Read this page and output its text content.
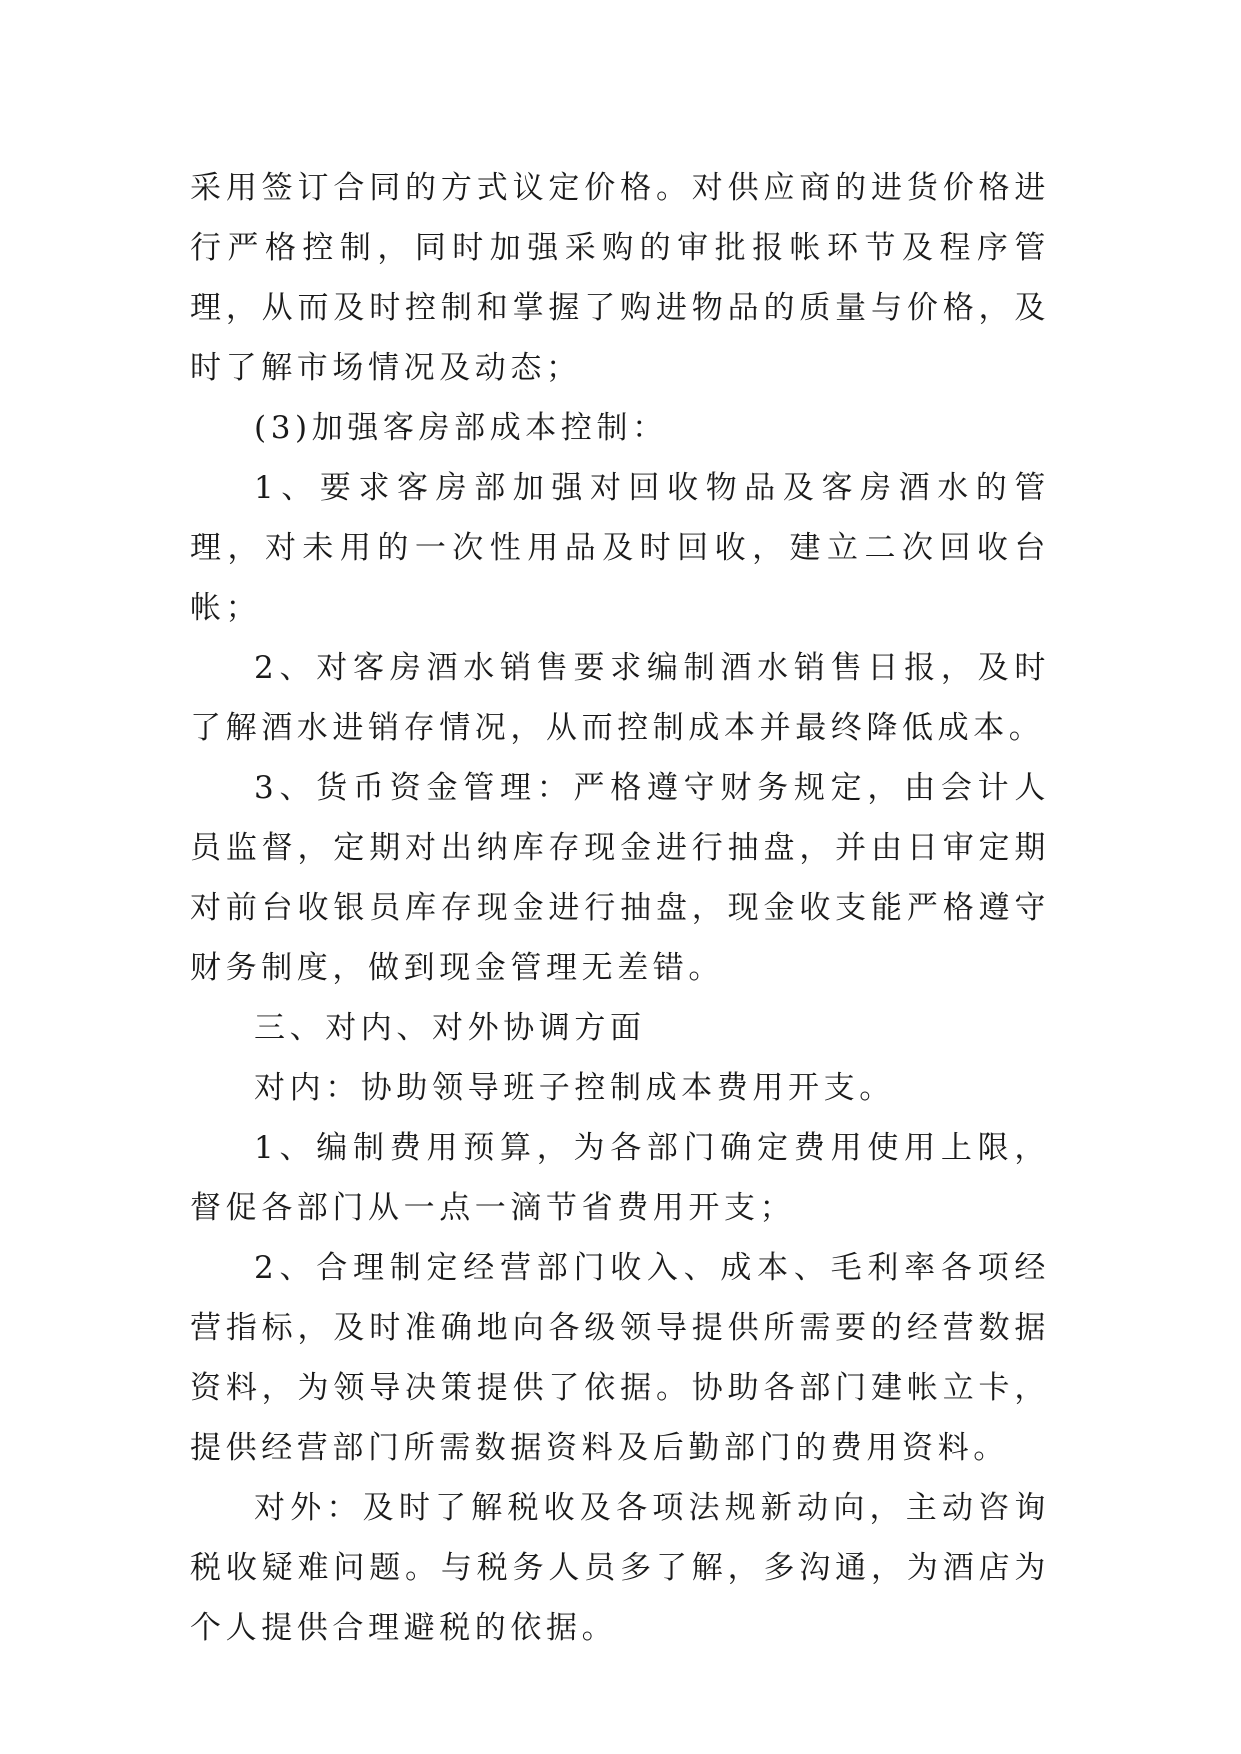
采用签订合同的方式议定价格。对供应商的进货价格进行严格控制，同时加强采购的审批报帐环节及程序管理，从而及时控制和掌握了购进物品的质量与价格，及时了解市场情况及动态；

(3)加强客房部成本控制：

1、要求客房部加强对回收物品及客房酒水的管理，对未用的一次性用品及时回收，建立二次回收台帐；

2、对客房酒水销售要求编制酒水销售日报，及时了解酒水进销存情况，从而控制成本并最终降低成本。

3、货币资金管理：严格遵守财务规定，由会计人员监督，定期对出纳库存现金进行抽盘，并由日审定期对前台收银员库存现金进行抽盘，现金收支能严格遵守财务制度，做到现金管理无差错。

三、对内、对外协调方面

对内：协助领导班子控制成本费用开支。

1、编制费用预算，为各部门确定费用使用上限，督促各部门从一点一滴节省费用开支；

2、合理制定经营部门收入、成本、毛利率各项经营指标，及时准确地向各级领导提供所需要的经营数据资料，为领导决策提供了依据。协助各部门建帐立卡，提供经营部门所需数据资料及后勤部门的费用资料。

对外：及时了解税收及各项法规新动向，主动咨询税收疑难问题。与税务人员多了解，多沟通，为酒店为个人提供合理避税的依据。
